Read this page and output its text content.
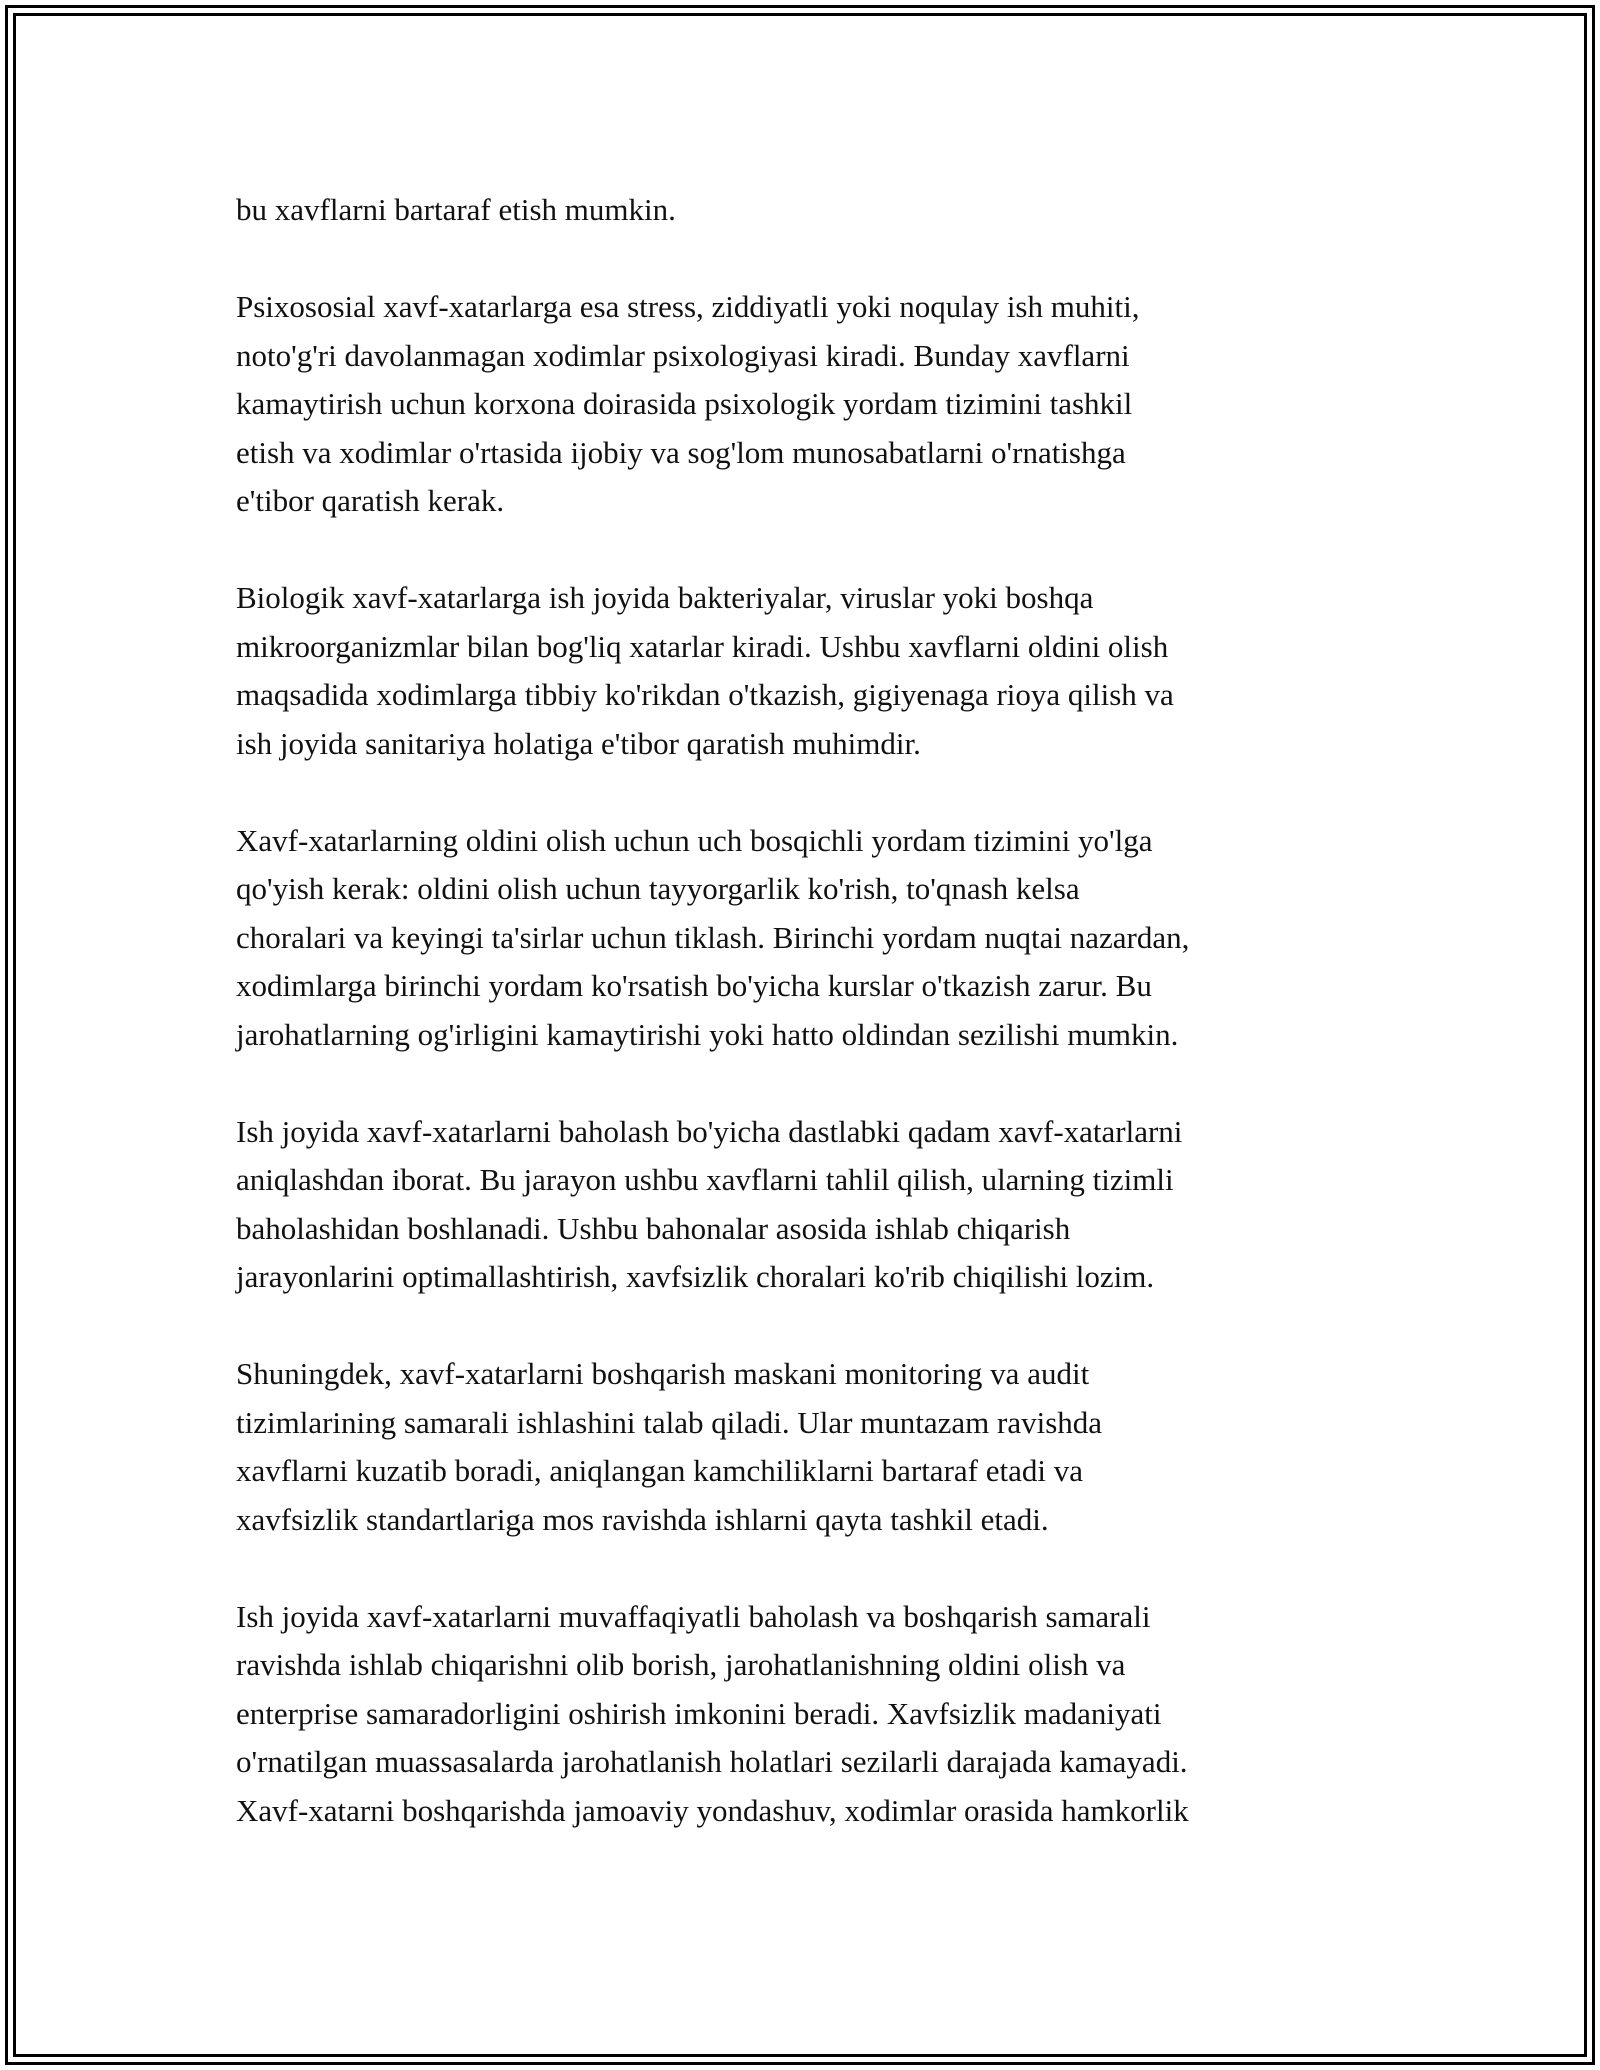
bu xavflarni bartaraf etish mumkin.

Psixososial xavf-xatarlarga esa stress, ziddiyatli yoki noqulay ish muhiti,
noto'g'ri davolanmagan xodimlar psixologiyasi kiradi. Bunday xavflarni
kamaytirish uchun korxona doirasida psixologik yordam tizimini tashkil
etish va xodimlar o'rtasida ijobiy va sog'lom munosabatlarni o'rnatishga
e'tibor qaratish kerak.

Biologik xavf-xatarlarga ish joyida bakteriyalar, viruslar yoki boshqa
mikroorganizmlar bilan bog'liq xatarlar kiradi. Ushbu xavflarni oldini olish
maqsadida xodimlarga tibbiy ko'rikdan o'tkazish, gigiyenaga rioya qilish va
ish joyida sanitariya holatiga e'tibor qaratish muhimdir.

Xavf-xatarlarning oldini olish uchun uch bosqichli yordam tizimini yo'lga
qo'yish kerak: oldini olish uchun tayyorgarlik ko'rish, to'qnash kelsa
choralari va keyingi ta'sirlar uchun tiklash. Birinchi yordam nuqtai nazardan,
xodimlarga birinchi yordam ko'rsatish bo'yicha kurslar o'tkazish zarur. Bu
jarohatlarning og'irligini kamaytirishi yoki hatto oldindan sezilishi mumkin.

Ish joyida xavf-xatarlarni baholash bo'yicha dastlabki qadam xavf-xatarlarni
aniqlashdan iborat. Bu jarayon ushbu xavflarni tahlil qilish, ularning tizimli
baholashidan boshlanadi. Ushbu bahonalar asosida ishlab chiqarish
jarayonlarini optimallashtirish, xavfsizlik choralari ko'rib chiqilishi lozim.

Shuningdek, xavf-xatarlarni boshqarish maskani monitoring va audit
tizimlarining samarali ishlashini talab qiladi. Ular muntazam ravishda
xavflarni kuzatib boradi, aniqlangan kamchiliklarni bartaraf etadi va
xavfsizlik standartlariga mos ravishda ishlarni qayta tashkil etadi.

Ish joyida xavf-xatarlarni muvaffaqiyatli baholash va boshqarish samarali
ravishda ishlab chiqarishni olib borish, jarohatlanishning oldini olish va
enterprise samaradorligini oshirish imkonini beradi. Xavfsizlik madaniyati
o'rnatilgan muassasalarda jarohatlanish holatlari sezilarli darajada kamayadi.
Xavf-xatarni boshqarishda jamoaviy yondashuv, xodimlar orasida hamkorlik
